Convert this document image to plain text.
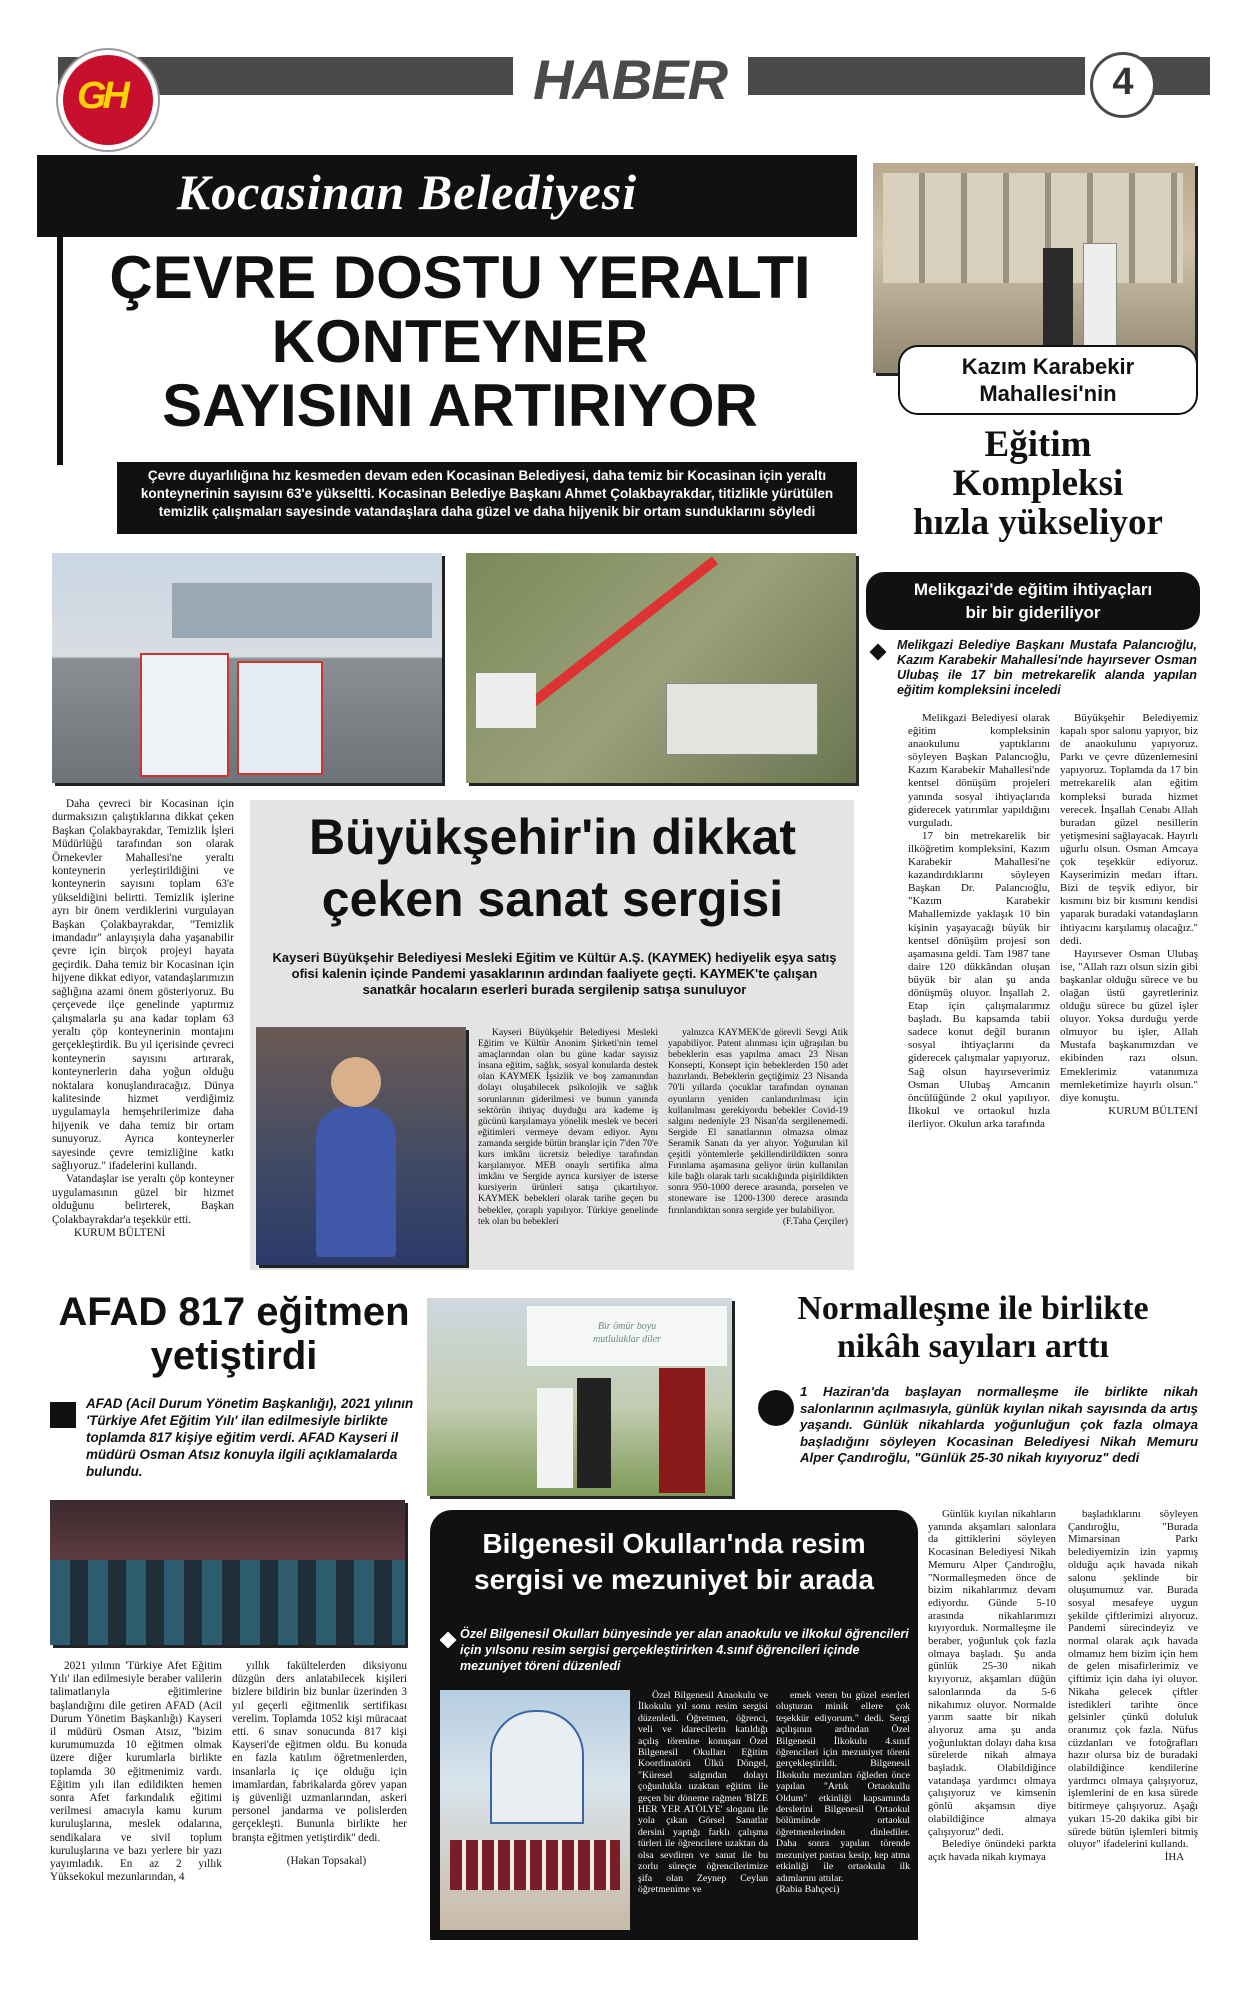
GH	HABER	4
Kocasinan Belediyesi
ÇEVRE DOSTU YERALTI
KONTEYNER
SAYISINI ARTIRIYOR
Çevre duyarlılığına hız kesmeden devam eden Kocasinan Belediyesi, daha temiz bir Kocasinan için yeraltı konteynerinin sayısını 63'e yükseltti. Kocasinan Belediye Başkanı Ahmet Çolakbayrakdar, titizlikle yürütülen temizlik çalışmaları sayesinde vatandaşlara daha güzel ve daha hijyenik bir ortam sunduklarını söyledi

Daha çevreci bir Kocasinan için durmaksızın çalıştıklarına dikkat çeken Başkan Çolakbayrakdar, Temizlik İşleri Müdürlüğü tarafından son olarak Örnekevler Mahallesi'ne yeraltı konteynerin yerleştirildiğini ve konteynerin sayısını toplam 63'e yükseldiğini belirtti. Temizlik işlerine ayrı bir önem verdiklerini vurgulayan Başkan Çolakbayrakdar, "Temizlik imandadır" anlayışıyla daha yaşanabilir çevre için birçok projeyi hayata geçirdik. Daha temiz bir Kocasinan için hijyene dikkat ediyor, vatandaşlarımızın sağlığına azami önem gösteriyoruz. Bu çerçevede ilçe genelinde yaptırmız çalışmalarla şu ana kadar toplam 63 yeraltı çöp konteynerinin montajını gerçekleştirdik. Bu yıl içerisinde çevreci konteynerin sayısını artırarak, konteynerlerin daha yoğun olduğu noktalara konuşlandıracağız. Dünya kalitesinde hizmet verdiğimiz uygulamayla hemşehrilerimize daha hijyenik ve daha temiz bir ortam sunuyoruz. Ayrıca konteynerler sayesinde çevre temizliğine katkı sağlıyoruz." ifadelerini kullandı.

Vatandaşlar ise yeraltı çöp konteyner uygulamasının güzel bir hizmet olduğunu belirterek, Başkan Çolakbayrakdar'a teşekkür etti.

KURUM BÜLTENİ

Büyükşehir'in dikkat
çeken sanat sergisi
Kayseri Büyükşehir Belediyesi Mesleki Eğitim ve Kültür A.Ş. (KAYMEK) hediyelik eşya satış ofisi kalenin içinde Pandemi yasaklarının ardından faaliyete geçti. KAYMEK'te çalışan sanatkâr hocaların eserleri burada sergilenip satışa sunuluyor

Kayseri Büyükşehir Belediyesi Mesleki Eğitim ve Kültür Anonim Şirketi'nin temel amaçlarından olan bu güne kadar sayısız insana eğitim, sağlık, sosyal konularda destek olan KAYMEK İşsizlik ve boş zamanından dolayı oluşabilecek psikolojik ve sağlık sorunlarının giderilmesi ve bunun yanında sektörün ihtiyaç duyduğu ara kademe iş gücünü karşılamaya yönelik meslek ve beceri eğitimleri vermeye devam ediyor. Aynı zamanda sergide bütün branşlar için 7'den 70'e kurs imkânı ücretsiz belediye tarafından karşılanıyor. MEB onaylı sertifika alma imkânı ve Sergide ayrıca kursiyer de isterse kursiyerin ürünleri satışa çıkartılıyor. KAYMEK bebekleri olarak tarihe geçen bu bebekler, çoraplı yapılıyor. Türkiye genelinde tek olan bu bebekleri

yalnızca KAYMEK'de görevli Sevgi Atik yapabiliyor. Patent alınması için uğraşılan bu bebeklerin esas yapılma amacı 23 Nisan Konsepti, Konsept için bebeklerden 150 adet hazırlandı. Bebeklerin geçtiğimiz 23 Nisanda 70'li yıllarda çocuklar tarafından oynanan oyunların yeniden canlandırılması için kullanılması gerekiyordu bebekler Covid-19 salgını nedeniyle 23 Nisan'da sergilenemedi. Sergide El sanatlarının olmazsa olmaz Seramik Sanatı da yer alıyor. Yoğurulan kil çeşitli yöntemlerle şekillendirildikten sonra Fırınlama aşamasına geliyor ürün kullanılan kile bağlı olarak tarlı sıcaklığında pişirildikten sonra 950-1000 derece arasında, porselen ve stoneware ise 1200-1300 derece arasında fırınlandıktan sonra sergide yer bulabiliyor.

(F.Taha Çerçiler)

Kazım Karabekir
Mahallesi'nin
Eğitim
Kompleksi
hızla yükseliyor
Melikgazi'de eğitim ihtiyaçları
bir bir gideriliyor
Melikgazi Belediye Başkanı Mustafa Palancıoğlu, Kazım Karabekir Mahallesi'nde hayırsever Osman Ulubaş ile 17 bin metrekarelik alanda yapılan eğitim kompleksini inceledi

Melikgazi Belediyesi olarak eğitim kompleksinin anaokulunu yaptıklarını söyleyen Başkan Palancıoğlu, Kazım Karabekir Mahallesi'nde kentsel dönüşüm projeleri yanında sosyal ihtiyaçlarıda giderecek yatırımlar yapıldığını vurguladı.

17 bin metrekarelik bir ilköğretim kompleksini, Kazım Karabekir Mahallesi'ne kazandırdıklarını söyleyen Başkan Dr. Palancıoğlu, "Kazım Karabekir Mahallemizde yaklaşık 10 bin kişinin yaşayacağı büyük bir kentsel dönüşüm projesi son aşamasına geldi. Tam 1987 tane daire 120 dükkândan oluşan büyük bir alan şu anda dönüşmüş oluyor. İnşallah 2. Etap için çalışmalarımız başladı. Bu kapsamda tabii sadece konut değil buranın sosyal ihtiyaçlarını da giderecek çalışmalar yapıyoruz. Sağ olsun hayırseverimiz Osman Ulubaş Amcanın öncülüğünde 2 okul yapılıyor. İlkokul ve ortaokul hızla ilerliyor. Okulun arka tarafında

Büyükşehir Belediyemiz kapalı spor salonu yapıyor, biz de anaokulunu yapıyoruz. Parkı ve çevre düzenlemesini yapıyoruz. Toplamda da 17 bin metrekarelik alan eğitim kompleksi burada hizmet verecek. İnşallah Cenabı Allah buradan güzel nesillerin yetişmesini sağlayacak. Hayırlı uğurlu olsun. Osman Amcaya çok teşekkür ediyoruz. Kayserimizin medarı iftarı. Bizi de teşvik ediyor, bir kısmını biz bir kısmını kendisi yaparak buradaki vatandaşların ihtiyacını karşılamış olacağız." dedi.

Hayırsever Osman Ulubaş ise, "Allah razı olsun sizin gibi başkanlar olduğu sürece ve bu olağan üstü gayretleriniz olduğu sürece bu güzel işler oluyor. Yoksa durduğu yerde olmuyor bu işler, Allah Mustafa başkanımızdan ve ekibinden razı olsun. Emeklerimiz vatanımıza memleketimize hayırlı olsun." diye konuştu.

KURUM BÜLTENİ

AFAD 817 eğitmen
yetiştirdi
AFAD (Acil Durum Yönetim Başkanlığı), 2021 yılının 'Türkiye Afet Eğitim Yılı' ilan edilmesiyle birlikte toplamda 817 kişiye eğitim verdi. AFAD Kayseri il müdürü Osman Atsız konuyla ilgili açıklamalarda bulundu.

2021 yılının 'Türkiye Afet Eğitim Yılı' ilan edilmesiyle beraber valilerin talimatlarıyla eğitimlerine başlandığını dile getiren AFAD (Acil Durum Yönetim Başkanlığı) Kayseri il müdürü Osman Atsız, ''bizim kurumumuzda 10 eğitmen olmak üzere diğer kurumlarla birlikte toplamda 30 eğitmenimiz vardı. Eğitim yılı ilan edildikten hemen sonra Afet farkındalık eğitimi verilmesi amacıyla kamu kurum kuruluşlarına, meslek odalarına, sendikalara ve sivil toplum kuruluşlarına ve bazı yerlere bir yazı yayımladık. En az 2 yıllık Yüksekokul mezunlarından, 4

yıllık fakültelerden diksiyonu düzgün ders anlatabilecek kişileri bizlere bildirin biz bunlar üzerinden 3 yıl geçerli eğitmenlik sertifikası verelim. Toplamda 1052 kişi müracaat etti. 6 sınav sonucunda 817 kişi Kayseri'de eğitmen oldu. Bu konuda en fazla katılım öğretmenlerden, insanlarla iç içe olduğu için imamlardan, fabrikalarda görev yapan iş güvenliği uzmanlarından, askeri personel jandarma ve polislerden gerçekleşti. Bununla birlikte her branşta eğitmen yetiştirdik'' dedi.

(Hakan Topsakal)

Bir ömür boyu
mutluluklar diler
Normalleşme ile birlikte
nikâh sayıları arttı
1 Haziran'da başlayan normalleşme ile birlikte nikah salonlarının açılmasıyla, günlük kıyılan nikah sayısında da artış yaşandı. Günlük nikahlarda yoğunluğun çok fazla olmaya başladığını söyleyen Kocasinan Belediyesi Nikah Memuru Alper Çandıroğlu, "Günlük 25-30 nikah kıyıyoruz" dedi

Günlük kıyılan nikahların yanında akşamları salonlara da gittiklerini söyleyen Kocasinan Belediyesi Nikah Memuru Alper Çandıroğlu, "Normalleşmeden önce de bizim nikahlarımız devam ediyordu. Günde 5-10 arasında nikahlarımızı kıyıyorduk. Normalleşme ile beraber, yoğunluk çok fazla olmaya başladı. Şu anda günlük 25-30 nikah kıyıyoruz, akşamları düğün salonlarında da 5-6 nikahımız oluyor. Normalde yarım saatte bir nikah alıyoruz ama şu anda yoğunluktan dolayı daha kısa sürelerde nikah almaya başladık. Olabildiğince vatandaşa yardımcı olmaya çalışıyoruz ve kimsenin gönlü akşamsın diye olabildiğince almaya çalışıyoruz" dedi.

Belediye önündeki parkta açık havada nikah kıymaya

başladıklarını söyleyen Çandıroğlu, "Burada Mimarsinan Parkı belediyemizin izin yapmış olduğu açık havada nikah salonu şeklinde bir oluşumumuz var. Burada sosyal mesafeye uygun şekilde çiftlerimizi alıyoruz. Pandemi sürecindeyiz ve normal olarak açık havada olmamız hem bizim için hem de gelen misafirlerimiz ve çiftimiz için daha iyi oluyor. Nikaha gelecek çiftler istedikleri tarihte önce gelsinler çünkü doluluk oranımız çok fazla. Nüfus cüzdanları ve fotoğrafları hazır olursa biz de buradaki olabildiğince kendilerine yardımcı olmaya çalışıyoruz, işlemlerini de en kısa sürede bitirmeye çalışıyoruz. Aşağı yukarı 15-20 dakika gibi bir sürede bütün işlemleri bitmiş oluyor" ifadelerini kullandı.

İHA

Bilgenesil Okulları'nda resim
sergisi ve mezuniyet bir arada
Özel Bilgenesil Okulları bünyesinde yer alan anaokulu ve ilkokul öğrencileri için yılsonu resim sergisi gerçekleştirirken 4.sınıf öğrencileri içinde mezuniyet töreni düzenledi

Özel Bilgenesil Anaokulu ve İlkokulu yıl sonu resim sergisi düzenledi. Öğretmen, öğrenci, veli ve idarecilerin katıldığı açılış törenine konuşan Özel Bilgenesil Okulları Eğitim Koordinatörü Ülkü Döngel, "Küresel salgından dolayı çoğunlukla uzaktan eğitim ile geçen bir döneme rağmen 'BİZE HER YER ATÖLYE' sloganı ile yola çıkan Görsel Sanatlar dersini yaptığı farklı çalışma türleri ile öğrencilere uzaktan da olsa sevdiren ve sanat ile bu zorlu süreçte öğrencilerimize şifa olan Zeynep Ceylan öğretmenime ve

emek veren bu güzel eserleri oluşturan minik ellere çok teşekkür ediyorum." dedi. Sergi açılışının ardından Özel Bilgenesil İlkokulu 4.sınıf öğrencileri için mezuniyet töreni gerçekleştirildi. Bilgenesil İlkokulu mezunları öğleden önce yapılan "Artık Ortaokullu Oldum" etkinliği kapsamında derslerini Bilgenesil Ortaokul bölümünde ortaokul öğretmenlerinden dinlediler. Daha sonra yapılan törende mezuniyet pastası kesip, kep atma etkinliği ile ortaokula ilk adımlarını attılar.

(Rabia Bahçeci)
